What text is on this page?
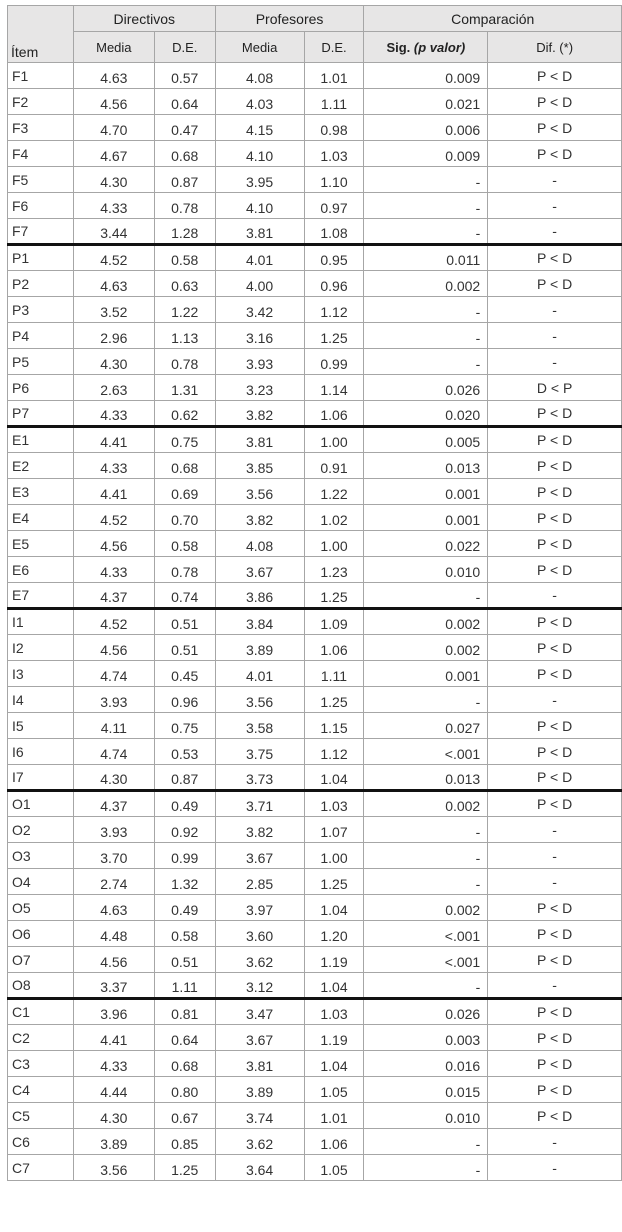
Ítem	Directivos		Profesores		Comparación	
	Media	D.E.	Media	D.E.	Sig. (p valor)	Dif. (*)
F1	4.63	0.57	4.08	1.01	0.009	P < D
F2	4.56	0.64	4.03	1.11	0.021	P < D
F3	4.70	0.47	4.15	0.98	0.006	P < D
F4	4.67	0.68	4.10	1.03	0.009	P < D
F5	4.30	0.87	3.95	1.10	-	-
F6	4.33	0.78	4.10	0.97	-	-
F7	3.44	1.28	3.81	1.08	-	-
P1	4.52	0.58	4.01	0.95	0.011	P < D
P2	4.63	0.63	4.00	0.96	0.002	P < D
P3	3.52	1.22	3.42	1.12	-	-
P4	2.96	1.13	3.16	1.25	-	-
P5	4.30	0.78	3.93	0.99	-	-
P6	2.63	1.31	3.23	1.14	0.026	D < P
P7	4.33	0.62	3.82	1.06	0.020	P < D
E1	4.41	0.75	3.81	1.00	0.005	P < D
E2	4.33	0.68	3.85	0.91	0.013	P < D
E3	4.41	0.69	3.56	1.22	0.001	P < D
E4	4.52	0.70	3.82	1.02	0.001	P < D
E5	4.56	0.58	4.08	1.00	0.022	P < D
E6	4.33	0.78	3.67	1.23	0.010	P < D
E7	4.37	0.74	3.86	1.25	-	-
I1	4.52	0.51	3.84	1.09	0.002	P < D
I2	4.56	0.51	3.89	1.06	0.002	P < D
I3	4.74	0.45	4.01	1.11	0.001	P < D
I4	3.93	0.96	3.56	1.25	-	-
I5	4.11	0.75	3.58	1.15	0.027	P < D
I6	4.74	0.53	3.75	1.12	<.001	P < D
I7	4.30	0.87	3.73	1.04	0.013	P < D
O1	4.37	0.49	3.71	1.03	0.002	P < D
O2	3.93	0.92	3.82	1.07	-	-
O3	3.70	0.99	3.67	1.00	-	-
O4	2.74	1.32	2.85	1.25	-	-
O5	4.63	0.49	3.97	1.04	0.002	P < D
O6	4.48	0.58	3.60	1.20	<.001	P < D
O7	4.56	0.51	3.62	1.19	<.001	P < D
O8	3.37	1.11	3.12	1.04	-	-
C1	3.96	0.81	3.47	1.03	0.026	P < D
C2	4.41	0.64	3.67	1.19	0.003	P < D
C3	4.33	0.68	3.81	1.04	0.016	P < D
C4	4.44	0.80	3.89	1.05	0.015	P < D
C5	4.30	0.67	3.74	1.01	0.010	P < D
C6	3.89	0.85	3.62	1.06	-	-
C7	3.56	1.25	3.64	1.05	-	-
